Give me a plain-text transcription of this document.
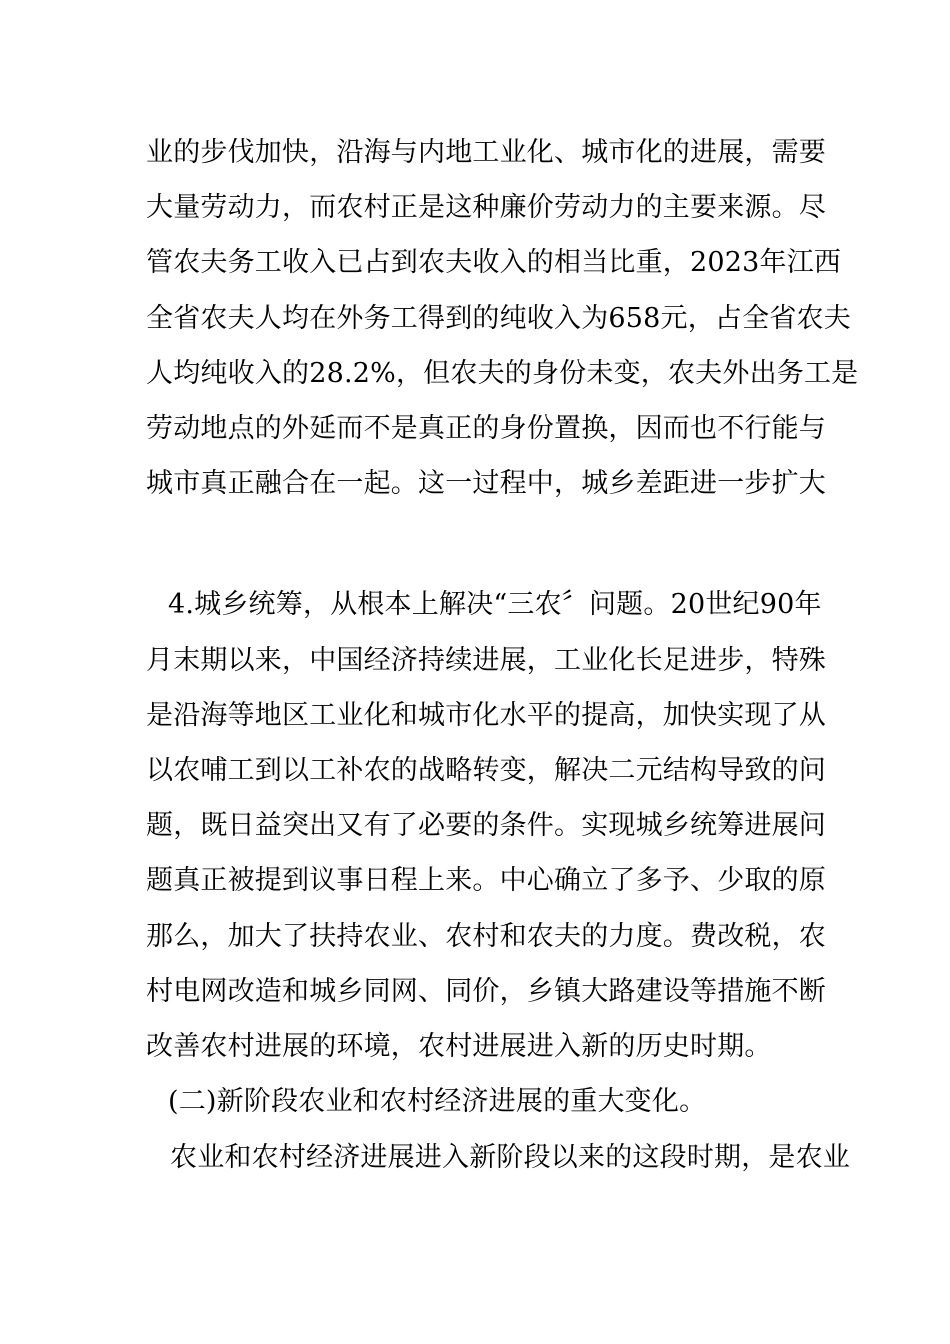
业的步伐加快，沿海与内地工业化、城市化的进展，需要
大量劳动力，而农村正是这种廉价劳动力的主要来源。尽
管农夫务工收入已占到农夫收入的相当比重，2023年江西
全省农夫人均在外务工得到的纯收入为658元，占全省农夫
人均纯收入的28.2%，但农夫的身份未变，农夫外出务工是
劳动地点的外延而不是真正的身份置换，因而也不行能与
城市真正融合在一起。这一过程中，城乡差距进一步扩大
4.城乡统筹，从根本上解决“三农〞问题。20世纪90年
月末期以来，中国经济持续进展，工业化长足进步，特殊
是沿海等地区工业化和城市化水平的提高，加快实现了从
以农哺工到以工补农的战略转变，解决二元结构导致的问
题，既日益突出又有了必要的条件。实现城乡统筹进展问
题真正被提到议事日程上来。中心确立了多予、少取的原
那么，加大了扶持农业、农村和农夫的力度。费改税，农
村电网改造和城乡同网、同价，乡镇大路建设等措施不断
改善农村进展的环境，农村进展进入新的历史时期。
(二)新阶段农业和农村经济进展的重大变化。
农业和农村经济进展进入新阶段以来的这段时期，是农业
